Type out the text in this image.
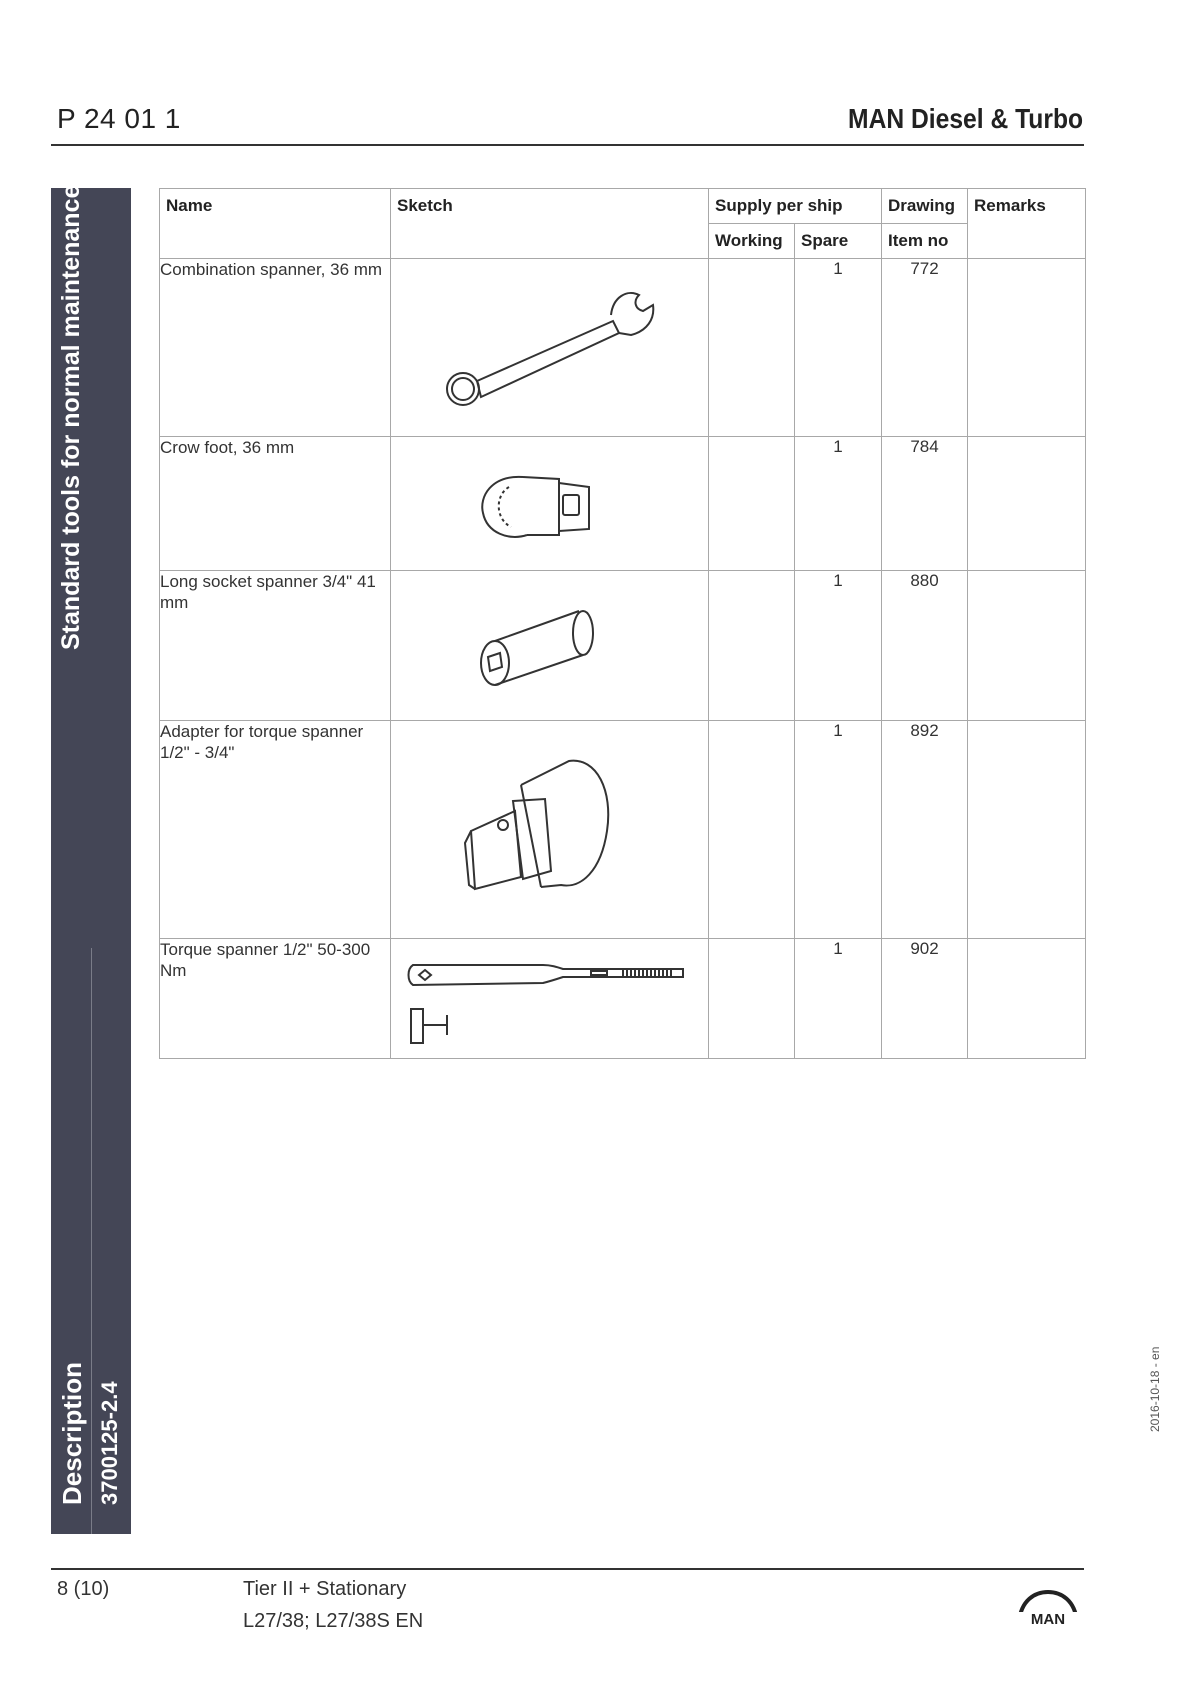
P 24 01 1	MAN Diesel & Turbo
Standard tools for normal maintenance
Description 3700125-2.4
Name	Sketch	Supply per ship		Drawing	Remarks
		Working	Spare	Item no	
Combination spanner, 36 mm			1	772	
Crow foot, 36 mm			1	784	
Long socket spanner 3/4" 41 mm			1	880	
Adapter for torque spanner 1/2" - 3/4"			1	892	
Torque spanner 1/2" 50-300 Nm			1	902	
2016-10-18 - en
8 (10)	Tier II + Stationary
L27/38; L27/38S EN	MAN
